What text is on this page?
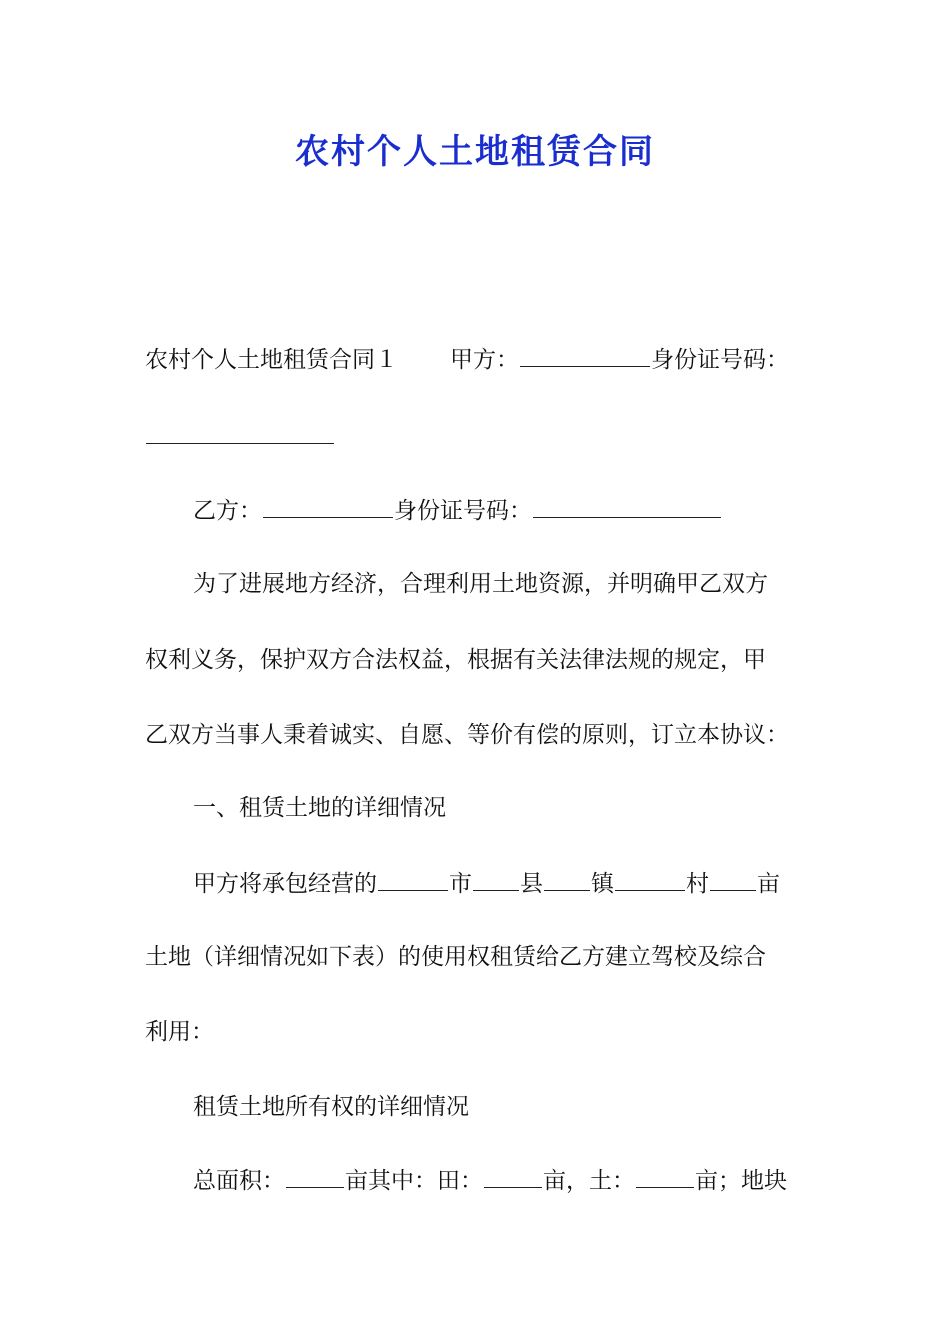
农村个人土地租赁合同
农村个人土地租赁合同１ 甲方：	身份证号码：
乙方：	身份证号码：
为了进展地方经济，合理利用土地资源，并明确甲乙双方
权利义务，保护双方合法权益，根据有关法律法规的规定，甲
乙双方当事人秉着诚实、自愿、等价有偿的原则，订立本协议：
一、租赁土地的详细情况
甲方将承包经营的	市 县 镇	村 亩
土地（详细情况如下表）的使用权租赁给乙方建立驾校及综合
利用：
租赁土地所有权的详细情况
总面积：	亩其中：田：	亩，土：	亩；地块
